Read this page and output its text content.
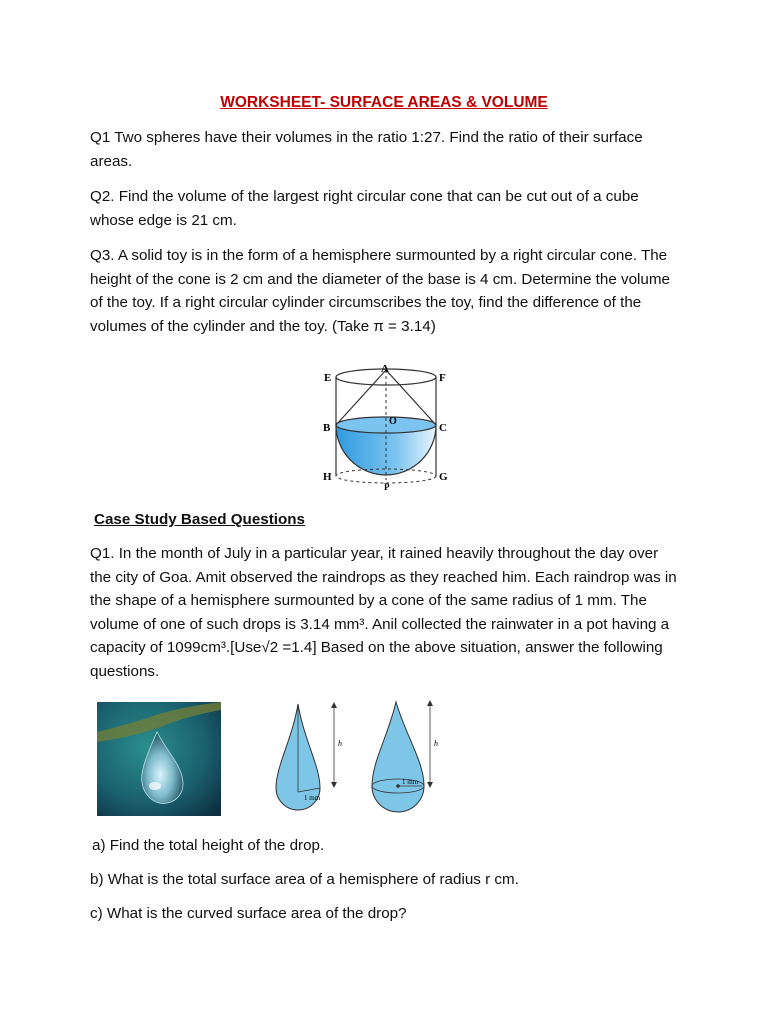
WORKSHEET- SURFACE AREAS & VOLUME

Q1 Two spheres have their volumes in the ratio 1:27. Find the ratio of their surface areas.

Q2. Find the volume of the largest right circular cone that can be cut out of a cube whose edge is 21 cm.

Q3. A solid toy is in the form of a hemisphere surmounted by a right circular cone. The height of the cone is 2 cm and the diameter of the base is 4 cm. Determine the volume of the toy. If a right circular cylinder circumscribes the toy, find the difference of the volumes of the cylinder and the toy. (Take π = 3.14)

E
A
F
B
O
C
H
P
G
Case Study Based Questions

Q1. In the month of July in a particular year, it rained heavily throughout the day over the city of Goa. Amit observed the raindrops as they reached him. Each raindrop was in the shape of a hemisphere surmounted by a cone of the same radius of 1 mm. The volume of one of such drops is 3.14 mm³. Anil collected the rainwater in a pot having a capacity of 1099cm³.[Use√2 =1.4] Based on the above situation, answer the following questions.

h
1 mm
h
1 mm

a) Find the total height of the drop.

b) What is the total surface area of a hemisphere of radius r cm.

c) What is the curved surface area of the drop?
